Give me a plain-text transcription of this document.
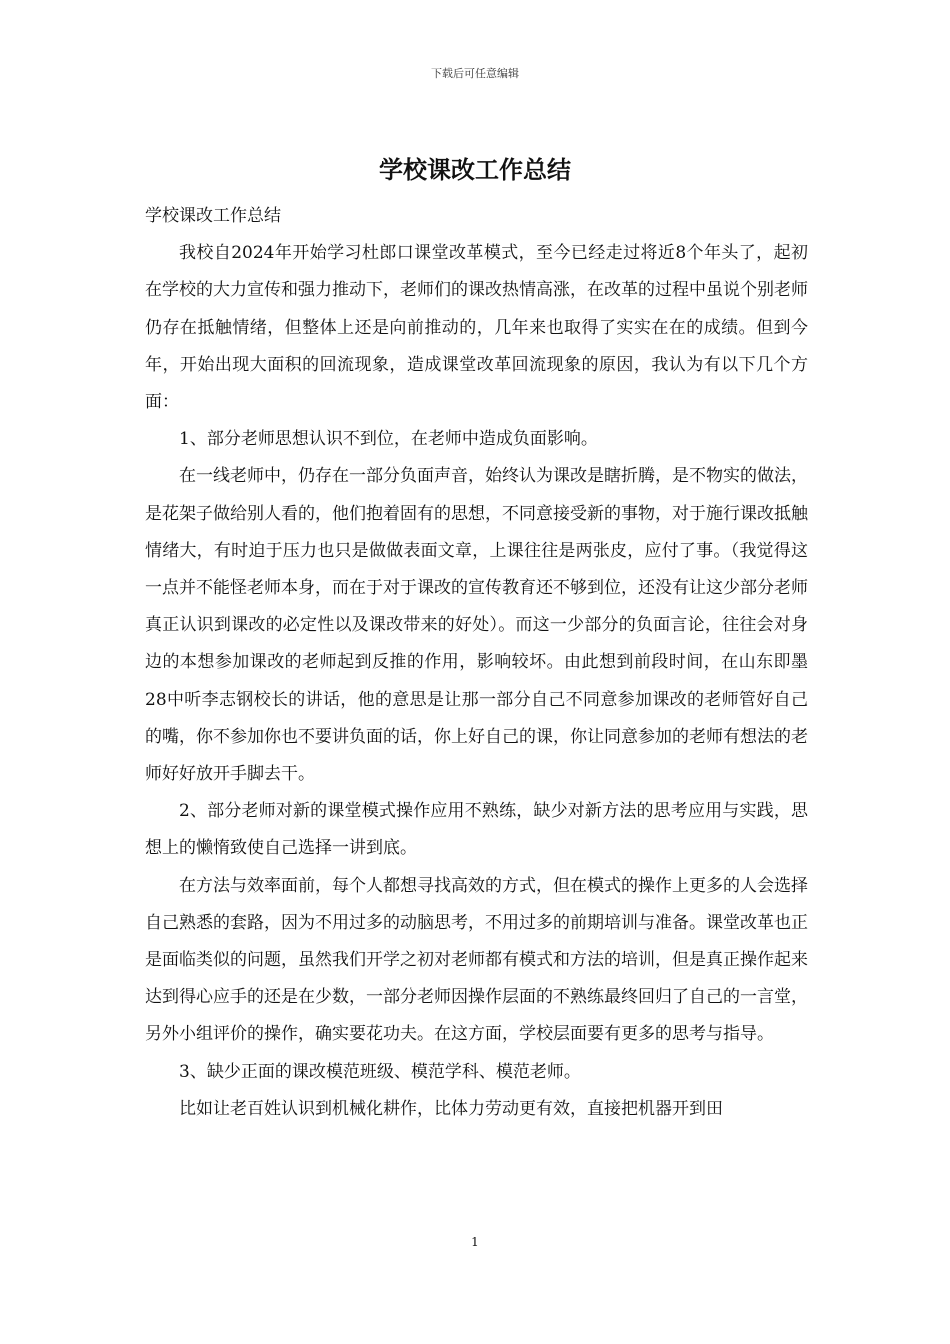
下载后可任意编辑
学校课改工作总结

学校课改工作总结

我校自2024年开始学习杜郎口课堂改革模式，至今已经走过将近8个年头了，起初在学校的大力宣传和强力推动下，老师们的课改热情高涨，在改革的过程中虽说个别老师仍存在抵触情绪，但整体上还是向前推动的，几年来也取得了实实在在的成绩。但到今年，开始出现大面积的回流现象，造成课堂改革回流现象的原因，我认为有以下几个方面：

1、部分老师思想认识不到位，在老师中造成负面影响。

在一线老师中，仍存在一部分负面声音，始终认为课改是瞎折腾，是不物实的做法，是花架子做给别人看的，他们抱着固有的思想，不同意接受新的事物，对于施行课改抵触情绪大，有时迫于压力也只是做做表面文章，上课往往是两张皮，应付了事。（我觉得这一点并不能怪老师本身，而在于对于课改的宣传教育还不够到位，还没有让这少部分老师真正认识到课改的必定性以及课改带来的好处）。而这一少部分的负面言论，往往会对身边的本想参加课改的老师起到反推的作用，影响较坏。由此想到前段时间，在山东即墨28中听李志钢校长的讲话，他的意思是让那一部分自己不同意参加课改的老师管好自己的嘴，你不参加你也不要讲负面的话，你上好自己的课，你让同意参加的老师有想法的老师好好放开手脚去干。

2、部分老师对新的课堂模式操作应用不熟练，缺少对新方法的思考应用与实践，思想上的懒惰致使自己选择一讲到底。

在方法与效率面前，每个人都想寻找高效的方式，但在模式的操作上更多的人会选择自己熟悉的套路，因为不用过多的动脑思考，不用过多的前期培训与准备。课堂改革也正是面临类似的问题，虽然我们开学之初对老师都有模式和方法的培训，但是真正操作起来达到得心应手的还是在少数，一部分老师因操作层面的不熟练最终回归了自己的一言堂，另外小组评价的操作，确实要花功夫。在这方面，学校层面要有更多的思考与指导。

3、缺少正面的课改模范班级、模范学科、模范老师。

比如让老百姓认识到机械化耕作，比体力劳动更有效，直接把机器开到田

1
